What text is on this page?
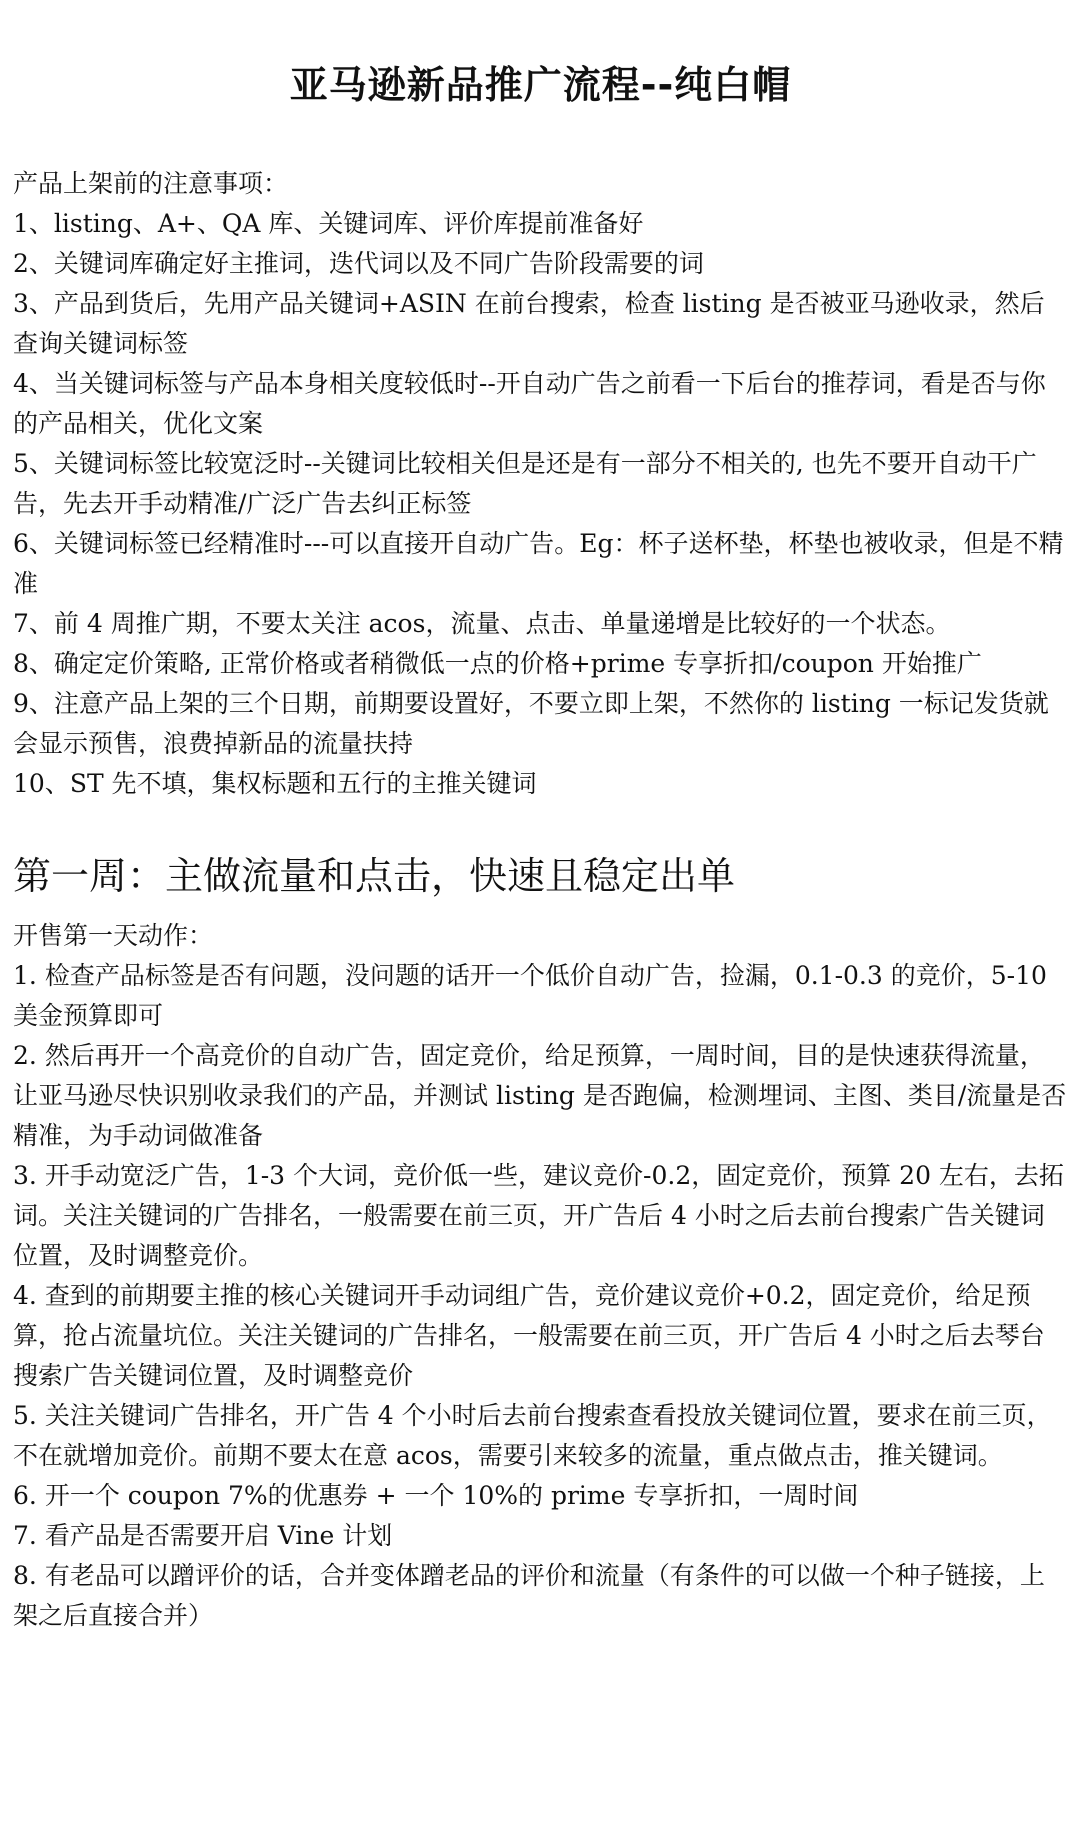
亚马逊新品推广流程--纯白帽

产品上架前的注意事项：

1、listing、A+、QA 库、关键词库、评价库提前准备好
2、关键词库确定好主推词，迭代词以及不同广告阶段需要的词
3、产品到货后，先用产品关键词+ASIN 在前台搜索，检查 listing 是否被亚马逊收录，然后查询关键词标签
4、当关键词标签与产品本身相关度较低时--开自动广告之前看一下后台的推荐词，看是否与你的产品相关，优化文案
5、关键词标签比较宽泛时--关键词比较相关但是还是有一部分不相关的, 也先不要开自动干广告，先去开手动精准/广泛广告去纠正标签
6、关键词标签已经精准时---可以直接开自动广告。Eg：杯子送杯垫，杯垫也被收录，但是不精准
7、前 4 周推广期，不要太关注 acos，流量、点击、单量递增是比较好的一个状态。
8、确定定价策略, 正常价格或者稍微低一点的价格+prime 专享折扣/coupon 开始推广
9、注意产品上架的三个日期，前期要设置好，不要立即上架，不然你的 listing 一标记发货就会显示预售，浪费掉新品的流量扶持
10、ST 先不填，集权标题和五行的主推关键词
第一周：主做流量和点击，快速且稳定出单

开售第一天动作：

1. 检查产品标签是否有问题，没问题的话开一个低价自动广告，捡漏，0.1-0.3 的竞价，5-10 美金预算即可
2. 然后再开一个高竞价的自动广告，固定竞价，给足预算，一周时间，目的是快速获得流量，让亚马逊尽快识别收录我们的产品，并测试 listing 是否跑偏，检测埋词、主图、类目/流量是否精准，为手动词做准备
3. 开手动宽泛广告，1-3 个大词，竞价低一些，建议竞价-0.2，固定竞价，预算 20 左右，去拓词。关注关键词的广告排名，一般需要在前三页，开广告后 4 小时之后去前台搜索广告关键词位置，及时调整竞价。
4. 查到的前期要主推的核心关键词开手动词组广告，竞价建议竞价+0.2，固定竞价，给足预算，抢占流量坑位。关注关键词的广告排名，一般需要在前三页，开广告后 4 小时之后去琴台搜索广告关键词位置，及时调整竞价
5. 关注关键词广告排名，开广告 4 个小时后去前台搜索查看投放关键词位置，要求在前三页，不在就增加竞价。前期不要太在意 acos，需要引来较多的流量，重点做点击，推关键词。
6. 开一个 coupon 7%的优惠券 + 一个 10%的 prime 专享折扣，一周时间
7. 看产品是否需要开启 Vine 计划
8. 有老品可以蹭评价的话，合并变体蹭老品的评价和流量（有条件的可以做一个种子链接，上架之后直接合并）
